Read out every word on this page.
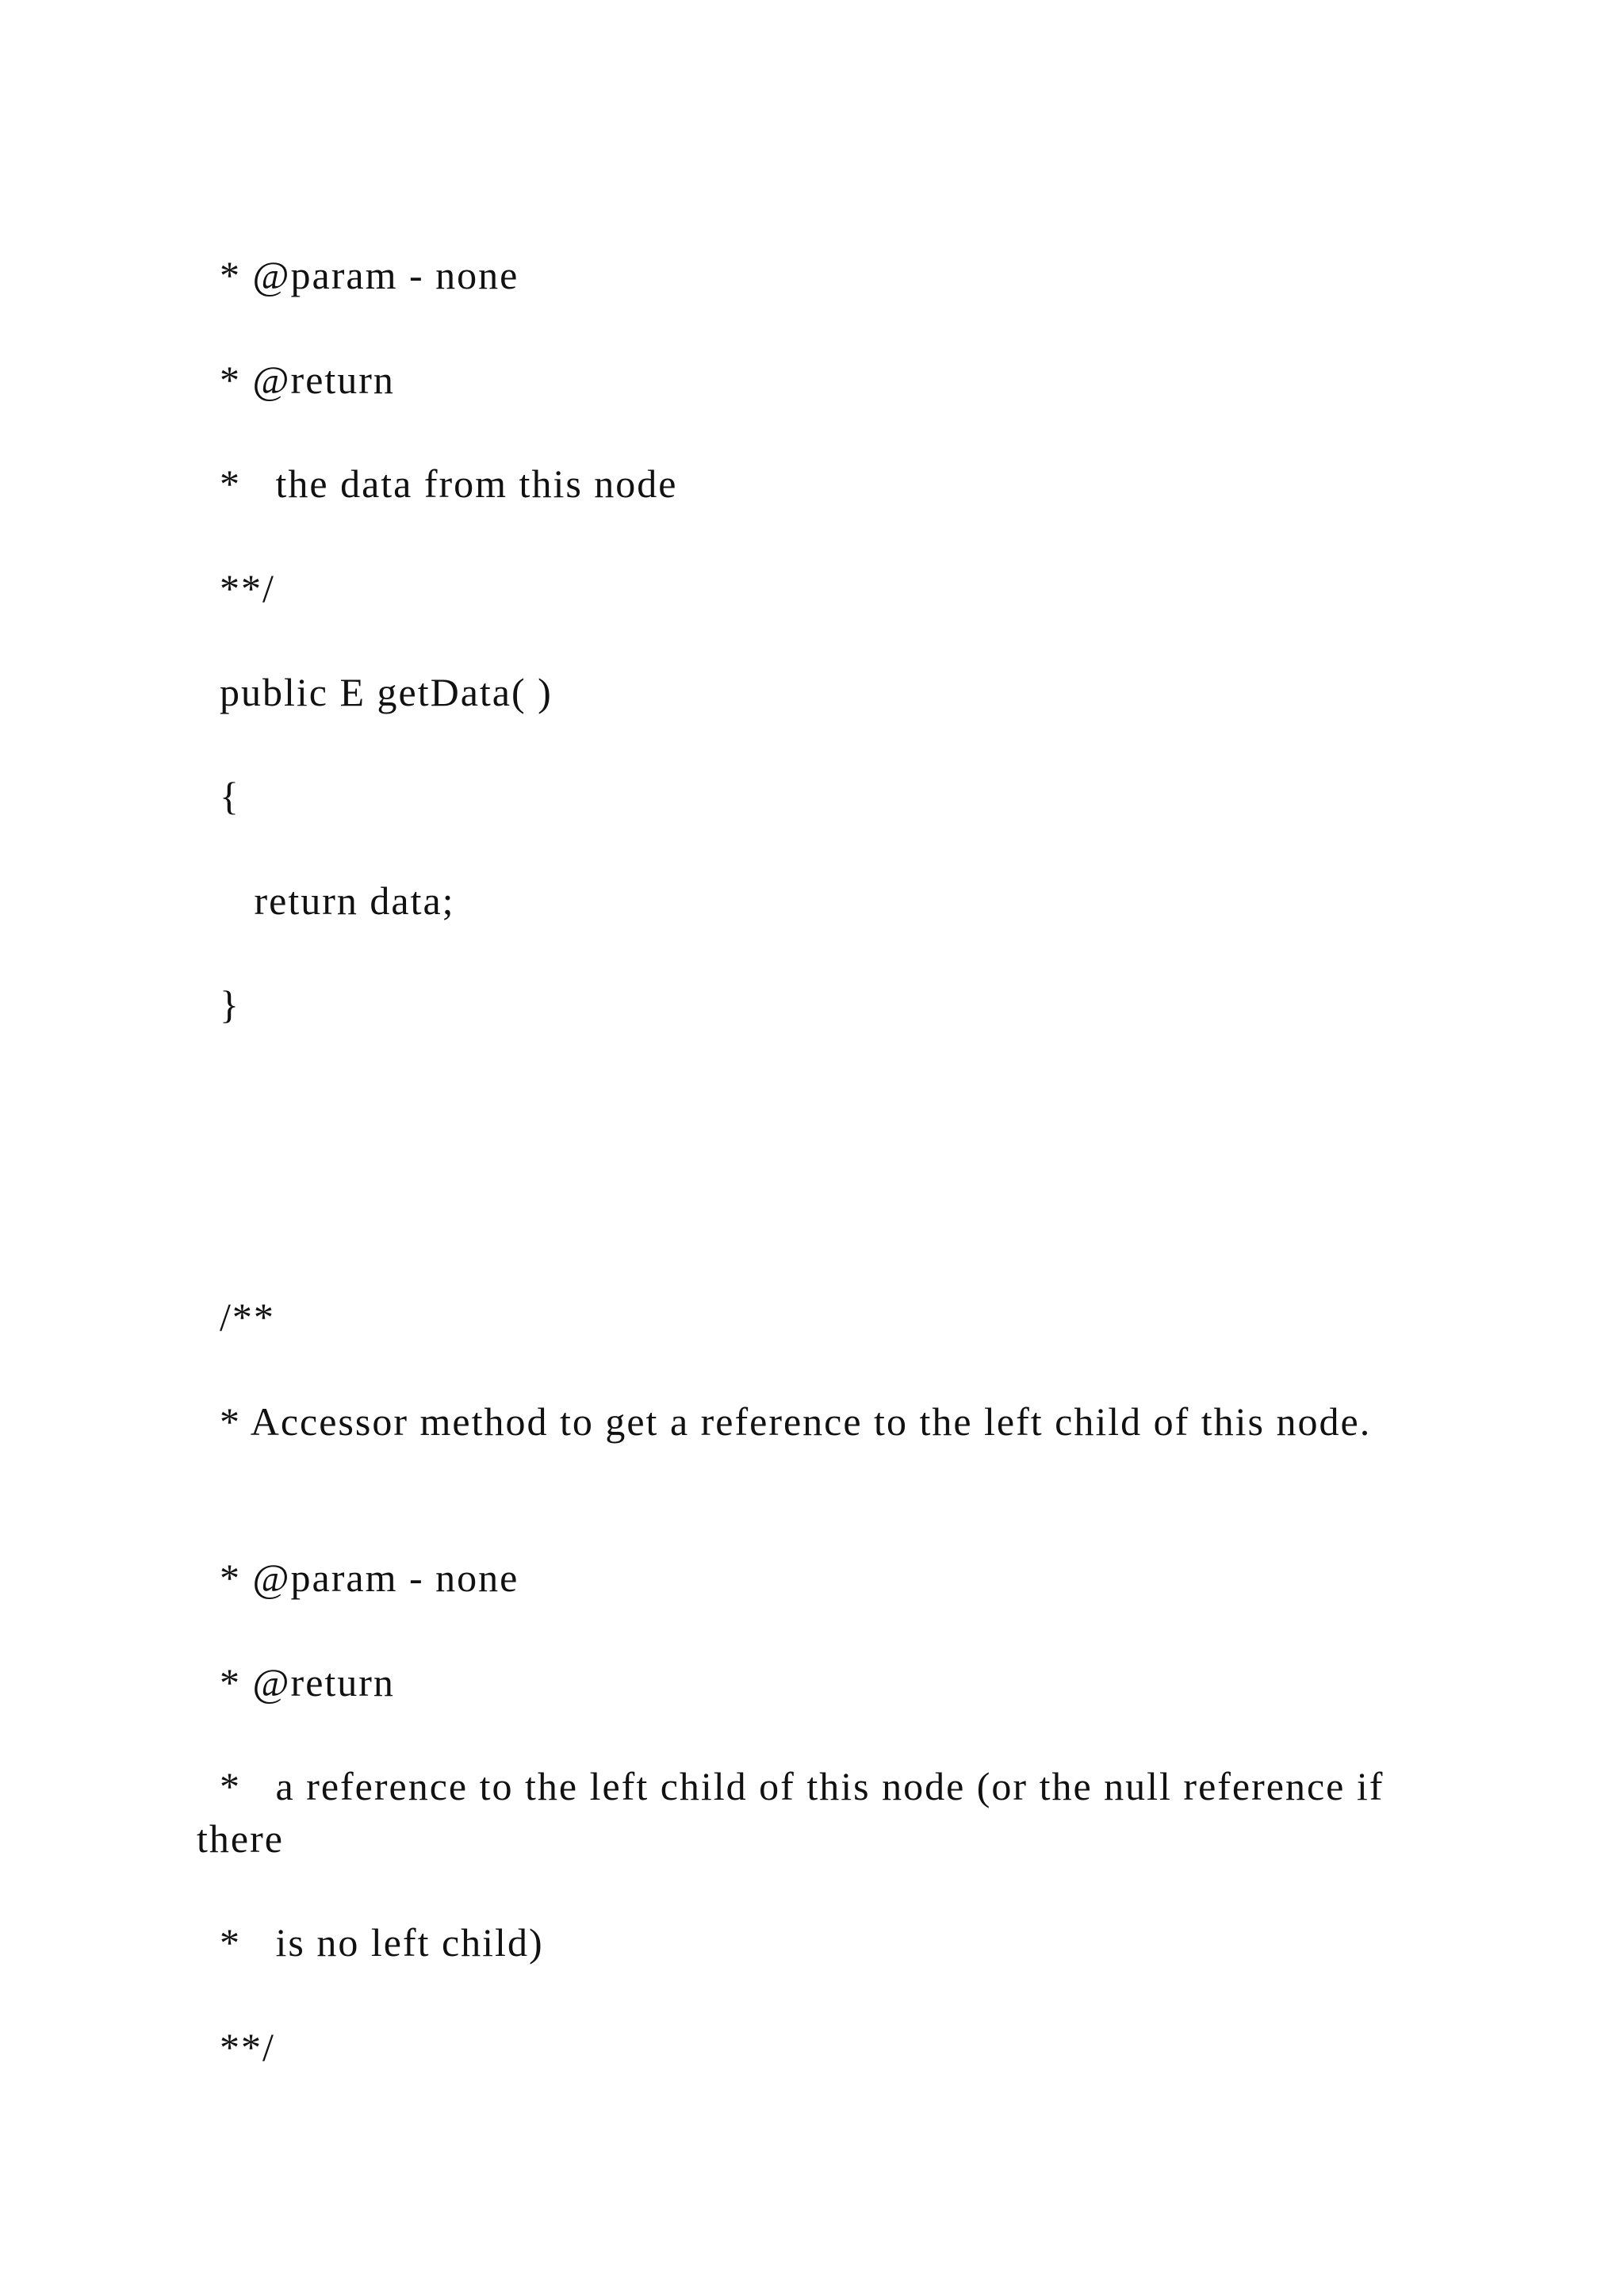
* @param - none

* @return

*   the data from this node

**/

public E getData( )

{

return data;

}

/**

* Accessor method to get a reference to the left child of this node.

* @param - none

* @return

*   a reference to the left child of this node (or the null reference if there

*   is no left child)

**/
